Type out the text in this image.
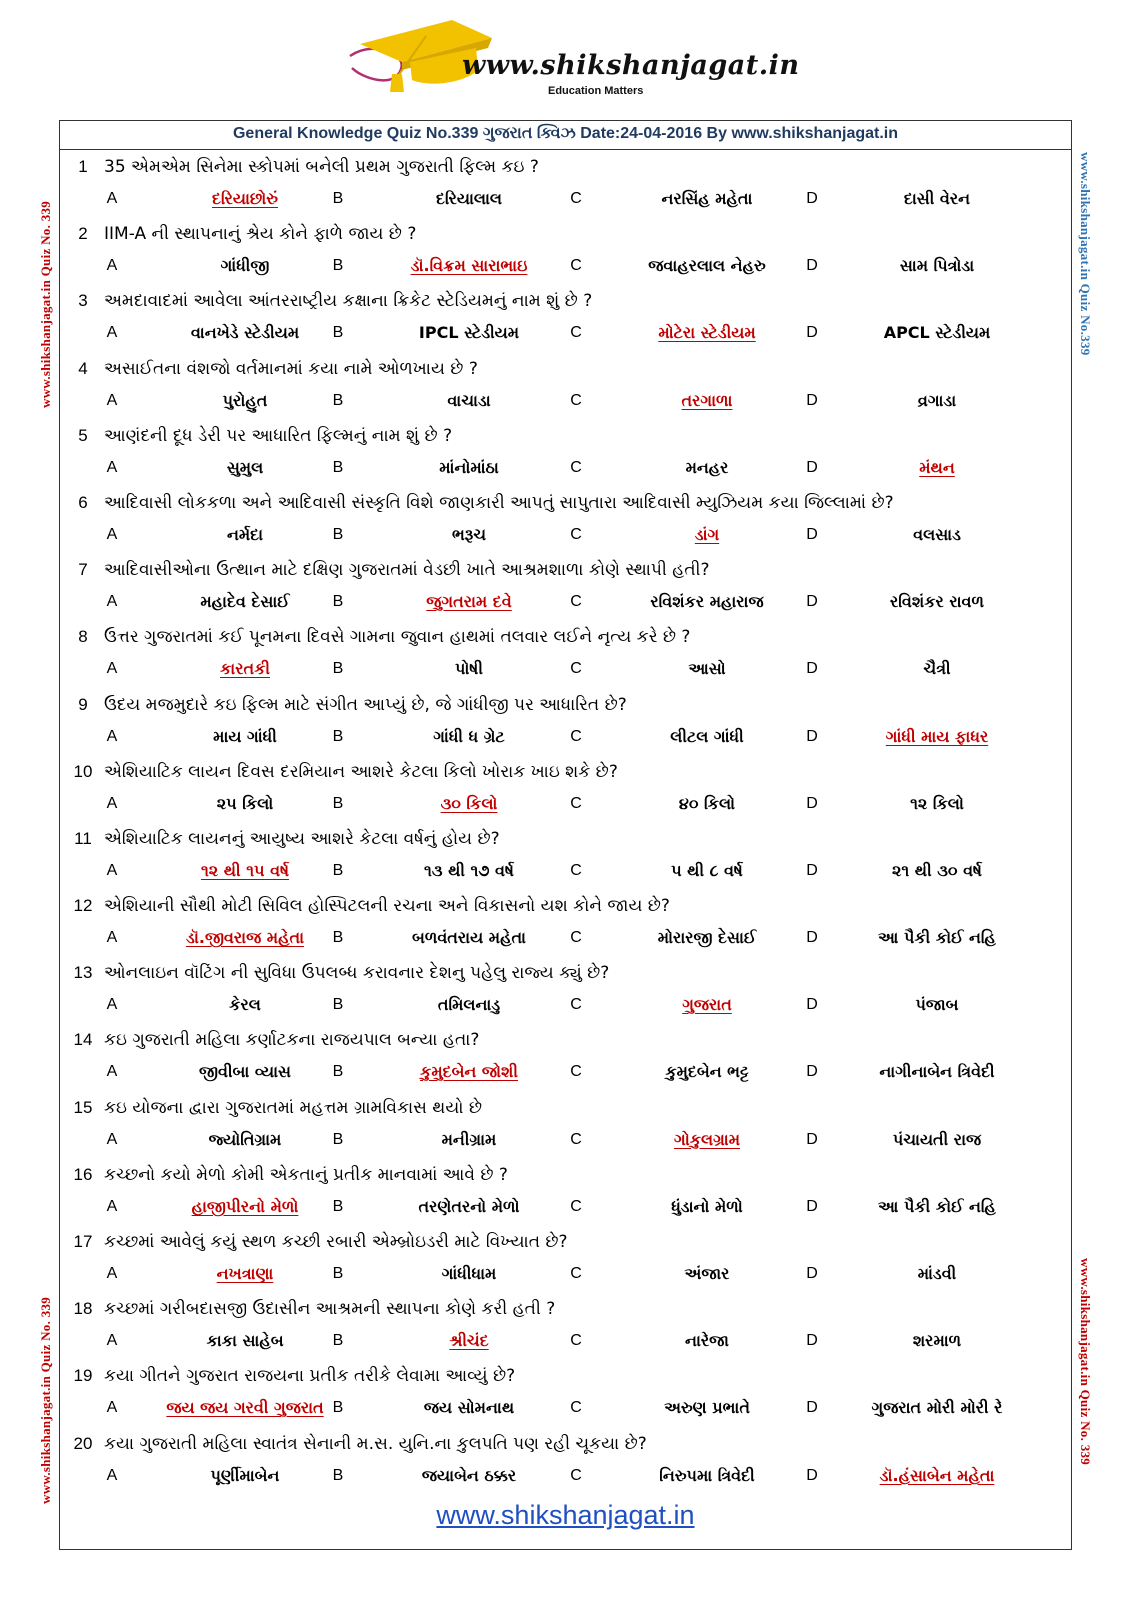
www.shikshanjagat.in
Education Matters
General Knowledge Quiz No.339 ગુજરાત ક્વિઝ Date:24-04-2016 By www.shikshanjagat.in
www.shikshanjagat.in Quiz No. 339
www.shikshanjagat.in Quiz No. 339
www.shikshanjagat.in Quiz No.339
www.shikshanjagat.in Quiz No. 339
1 35 એમએમ સિનેમા સ્કોપમાં બનેલી પ્રથમ ગુજરાતી ફિલ્મ કઇ ?
A	દરિયાછોરું	B	દરિયાલાલ	C	નરસિંહ મહેતા	D	દાસી વેરન
2 IIM-A ની સ્થાપનાનું શ્રેય કોને ફાળે જાય છે ?
A	ગાંધીજી	B	ડૉ.વિક્રમ સારાભાઇ	C	જવાહરલાલ નેહરુ	D	સામ પિત્રોડા
3 અમદાવાદમાં આવેલા આંતરરાષ્ટ્રીય કક્ષાના ક્રિકેટ સ્ટેડિયમનું નામ શું છે ?
A	વાનખેડે સ્ટેડીયમ	B	IPCL સ્ટેડીયમ	C	મોટેરા સ્ટેડીયમ	D	APCL સ્ટેડીયમ
4 અસાઈતના વંશજો વર્તમાનમાં કયા નામે ઓળખાય છે ?
A	પુરોહુત	B	વાચાડા	C	તરગાળા	D	વ્રગાડા
5 આણંદની દૂધ ડેરી પર આધારિત ફિલ્મનું નામ શું છે ?
A	સુમુલ	B	માંનોમાંઠા	C	મનહર	D	મંથન
6 આદિવાસી લોકકળા અને આદિવાસી સંસ્કૃતિ વિશે જાણકારી આપતું સાપુતારા આદિવાસી મ્યુઝિયમ કયા જિલ્લામાં છે?
A	નર્મદા	B	ભરૂચ	C	ડાંગ	D	વલસાડ
7 આદિવાસીઓના ઉત્થાન માટે દક્ષિણ ગુજરાતમાં વેડછી ખાતે આશ્રમશાળા કોણે સ્થાપી હતી?
A	મહાદેવ દેસાઈ	B	જુગતરામ દવે	C	રવિશંકર મહારાજ	D	રવિશંકર રાવળ
8 ઉત્તર ગુજરાતમાં કઈ પૂનમના દિવસે ગામના જુવાન હાથમાં તલવાર લઈને નૃત્ય કરે છે ?
A	કારતકી	B	પોષી	C	આસો	D	ચૈત્રી
9 ઉદય મજમુદારે કઇ ફિલ્મ માટે સંગીત આપ્યું છે, જે ગાંધીજી પર આધારિત છે?
A	માય ગાંધી	B	ગાંધી ધ ગ્રેટ	C	લીટલ ગાંધી	D	ગાંધી માય ફાધર
10 એશિયાટિક લાયન દિવસ દરમિયાન આશરે કેટલા કિલો ખોરાક ખાઇ શકે છે?
A	૨૫ કિલો	B	૩૦ કિલો	C	૪૦ કિલો	D	૧૨ કિલો
11 એશિયાટિક લાયનનું આયુષ્ય આશરે કેટલા વર્ષનું હોય છે?
A	૧૨ થી ૧૫ વર્ષ	B	૧૩ થી ૧૭ વર્ષ	C	૫ થી ૮ વર્ષ	D	૨૧ થી ૩૦ વર્ષ
12 એશિયાની સૌથી મોટી સિવિલ હોસ્પિટલની રચના અને વિકાસનો યશ કોને જાય છે?
A	ડૉ.જીવરાજ મહેતા	B	બળવંતરાય મહેતા	C	મોરારજી દેસાઈ	D	આ પૈકી કોઈ નહિ
13 ઓનલાઇન વૉટિંગ ની સુવિધા ઉપલબ્ધ કરાવનાર દેશનુ પહેલુ રાજ્ય ક્યું છે?
A	કેરલ	B	તમિલનાડુ	C	ગુજરાત	D	પંજાબ
14 કઇ ગુજરાતી મહિલા કર્ણાટકના રાજયપાલ બન્યા હતા?
A	જીવીબા વ્યાસ	B	કુમુદબેન જોશી	C	કુમુદબેન ભટ્ટ	D	નાગીનાબેન ત્રિવેદી
15 કઇ યોજના દ્વારા ગુજરાતમાં મહત્તમ ગ્રામવિકાસ થયો છે
A	જ્યોતિગ્રામ	B	મનીગ્રામ	C	ગોકુલગ્રામ	D	પંચાયતી રાજ
16 કચ્છનો કયો મેળો કોમી એકતાનું પ્રતીક માનવામાં આવે છે ?
A	હાજીપીરનો મેળો	B	તરણેતરનો મેળો	C	ધુંડાનો મેળો	D	આ પૈકી કોઈ નહિ
17 કચ્છમાં આવેલું કયું સ્થળ કચ્છી રબારી એમ્બ્રોઇડરી માટે વિખ્યાત છે?
A	નખત્રાણા	B	ગાંધીધામ	C	અંજાર	D	માંડવી
18 કચ્છમાં ગરીબદાસજી ઉદાસીન આશ્રમની સ્થાપના કોણે કરી હતી ?
A	કાકા સાહેબ	B	શ્રીચંદ	C	નારેજા	D	શરમાળ
19 કયા ગીતને ગુજરાત રાજયના પ્રતીક તરીકે લેવામા આવ્યું છે?
A	જય જય ગરવી ગુજરાત B	જય સોમનાથ	C	અરુણ પ્રભાતે	D	ગુજરાત મોરી મોરી રે
20 કયા ગુજરાતી મહિલા સ્વાતંત્ર સેનાની મ.સ. યુનિ.ના કુલપતિ પણ રહી ચૂકયા છે?
A	પૂર્ણીમાબેન	B	જયાબેન ઠક્કર	C	નિરુપમા ત્રિવેદી	D	ડૉ.હંસાબેન મહેતા
www.shikshanjagat.in
